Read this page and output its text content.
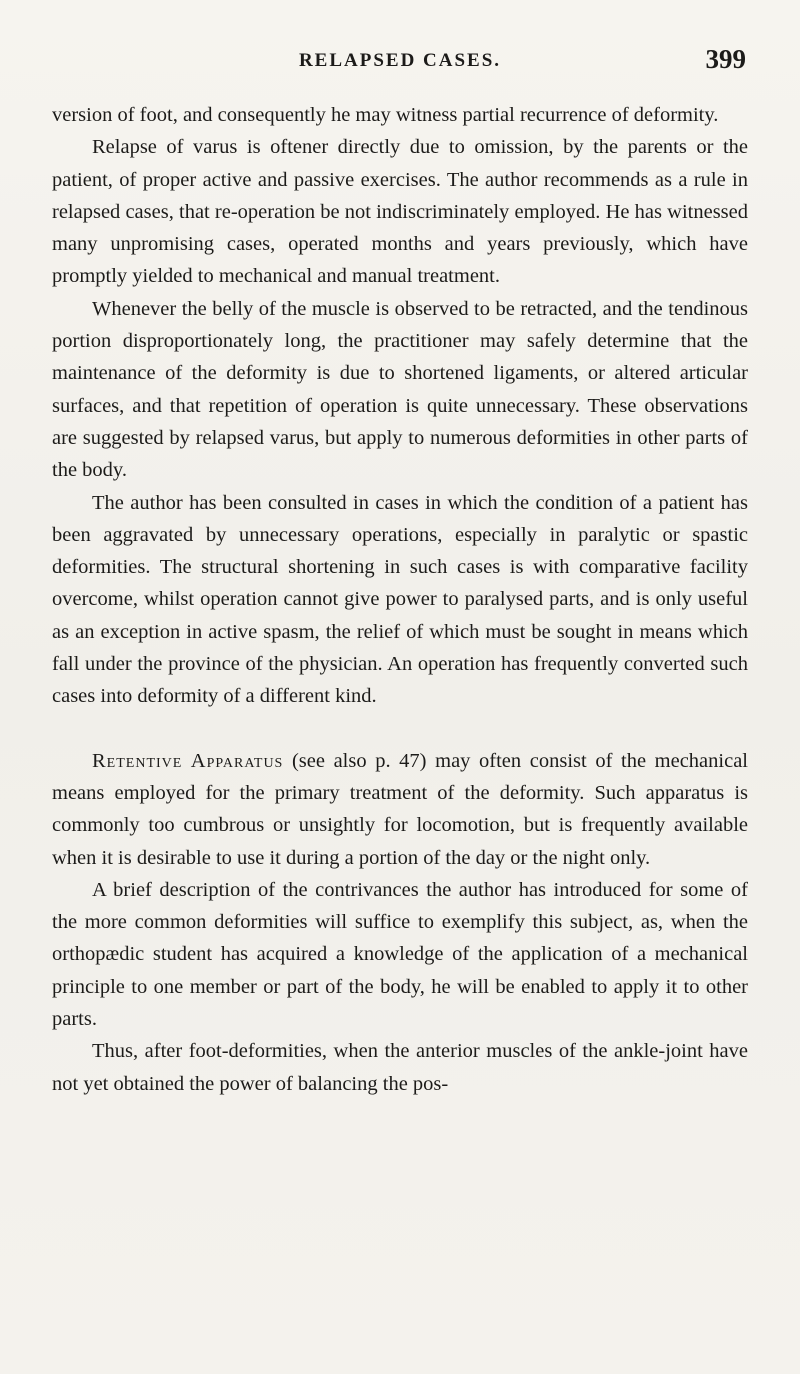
RELAPSED CASES.	399

version of foot, and consequently he may witness partial recurrence of deformity.

Relapse of varus is oftener directly due to omission, by the parents or the patient, of proper active and passive exercises. The author recommends as a rule in relapsed cases, that re-operation be not indiscriminately employed. He has witnessed many unpromising cases, operated months and years previously, which have promptly yielded to mechanical and manual treatment.

Whenever the belly of the muscle is observed to be retracted, and the tendinous portion disproportionately long, the practitioner may safely determine that the maintenance of the deformity is due to shortened ligaments, or altered articular surfaces, and that repetition of operation is quite unnecessary. These observations are suggested by relapsed varus, but apply to numerous deformities in other parts of the body.

The author has been consulted in cases in which the condition of a patient has been aggravated by unnecessary operations, especially in paralytic or spastic deformities. The structural shortening in such cases is with comparative facility overcome, whilst operation cannot give power to paralysed parts, and is only useful as an exception in active spasm, the relief of which must be sought in means which fall under the province of the physician. An operation has frequently converted such cases into deformity of a different kind.

Retentive Apparatus (see also p. 47) may often consist of the mechanical means employed for the primary treatment of the deformity. Such apparatus is commonly too cumbrous or unsightly for locomotion, but is frequently available when it is desirable to use it during a portion of the day or the night only.

A brief description of the contrivances the author has introduced for some of the more common deformities will suffice to exemplify this subject, as, when the orthopædic student has acquired a knowledge of the application of a mechanical principle to one member or part of the body, he will be enabled to apply it to other parts.

Thus, after foot-deformities, when the anterior muscles of the ankle-joint have not yet obtained the power of balancing the pos-
